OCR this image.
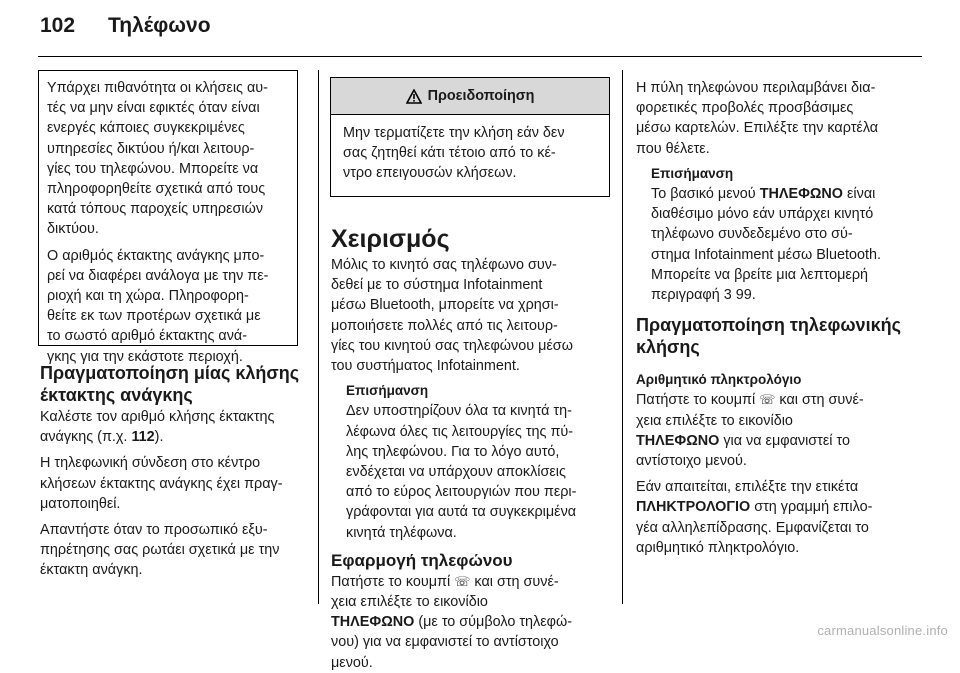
102 Τηλέφωνο
Υπάρχει πιθανότητα οι κλήσεις αυ-
τές να μην είναι εφικτές όταν είναι
ενεργές κάποιες συγκεκριμένες
υπηρεσίες δικτύου ή/και λειτουρ-
γίες του τηλεφώνου. Μπορείτε να
πληροφορηθείτε σχετικά από τους
κατά τόπους παροχείς υπηρεσιών
δικτύου.
Ο αριθμός έκτακτης ανάγκης μπο-
ρεί να διαφέρει ανάλογα με την πε-
ριοχή και τη χώρα. Πληροφορη-
θείτε εκ των προτέρων σχετικά με
το σωστό αριθμό έκτακτης ανά-
γκης για την εκάστοτε περιοχή.
Πραγματοποίηση μίας κλήσης
έκτακτης ανάγκης
Καλέστε τον αριθμό κλήσης έκτακτης
ανάγκης (π.χ. 112).
Η τηλεφωνική σύνδεση στο κέντρο
κλήσεων έκτακτης ανάγκης έχει πραγ-
ματοποιηθεί.
Απαντήστε όταν το προσωπικό εξυ-
πηρέτησης σας ρωτάει σχετικά με την
έκτακτη ανάγκη.
Προειδοποίηση
Μην τερματίζετε την κλήση εάν δεν
σας ζητηθεί κάτι τέτοιο από το κέ-
ντρο επειγουσών κλήσεων.
Χειρισμός
Μόλις το κινητό σας τηλέφωνο συν-
δεθεί με το σύστημα Infotainment
μέσω Bluetooth, μπορείτε να χρησι-
μοποιήσετε πολλές από τις λειτουρ-
γίες του κινητού σας τηλεφώνου μέσω
του συστήματος Infotainment.
Επισήμανση
Δεν υποστηρίζουν όλα τα κινητά τη-
λέφωνα όλες τις λειτουργίες της πύ-
λης τηλεφώνου. Για το λόγο αυτό,
ενδέχεται να υπάρχουν αποκλίσεις
από το εύρος λειτουργιών που περι-
γράφονται για αυτά τα συγκεκριμένα
κινητά τηλέφωνα.
Εφαρμογή τηλεφώνου
Πατήστε το κουμπί ☏ και στη συνέ-
χεια επιλέξτε το εικονίδιο
ΤΗΛΕΦΩΝΟ (με το σύμβολο τηλεφώ-
νου) για να εμφανιστεί το αντίστοιχο
μενού.
Η πύλη τηλεφώνου περιλαμβάνει δια-
φορετικές προβολές προσβάσιμες
μέσω καρτελών. Επιλέξτε την καρτέλα
που θέλετε.
Επισήμανση
Το βασικό μενού ΤΗΛΕΦΩΝΟ είναι
διαθέσιμο μόνο εάν υπάρχει κινητό
τηλέφωνο συνδεδεμένο στο σύ-
στημα Infotainment μέσω Bluetooth.
Μπορείτε να βρείτε μια λεπτομερή
περιγραφή 3 99.
Πραγματοποίηση τηλεφωνικής
κλήσης
Αριθμητικό πληκτρολόγιο
Πατήστε το κουμπί ☏ και στη συνέ-
χεια επιλέξτε το εικονίδιο
ΤΗΛΕΦΩΝΟ για να εμφανιστεί το
αντίστοιχο μενού.
Εάν απαιτείται, επιλέξτε την ετικέτα
ΠΛΗΚΤΡΟΛΟΓΙΟ στη γραμμή επιλο-
γέα αλληλεπίδρασης. Εμφανίζεται το
αριθμητικό πληκτρολόγιο.
carmanualsonline.info
